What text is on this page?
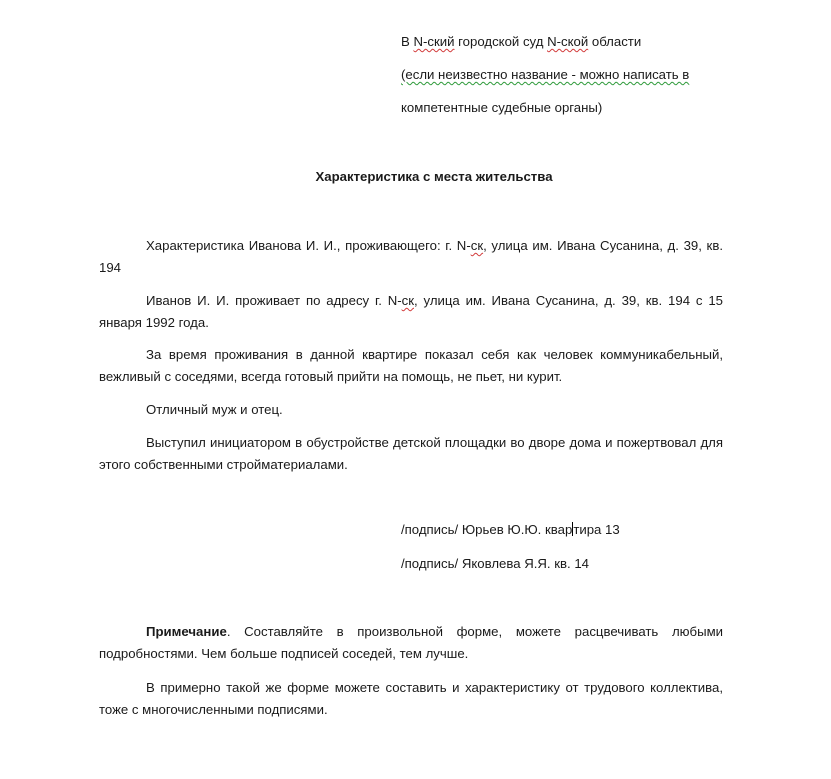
В N-ский городской суд N-ской области
(если неизвестно название - можно написать в
компетентные судебные органы)
Характеристика с места жительства
Характеристика Иванова И. И., проживающего: г. N-ск, улица им. Ивана Сусанина, д. 39, кв. 194
Иванов И. И. проживает по адресу г. N-ск, улица им. Ивана Сусанина, д. 39, кв. 194 с 15 января 1992 года.
За время проживания в данной квартире показал себя как человек коммуникабельный, вежливый с соседями, всегда готовый прийти на помощь, не пьет, ни курит.
Отличный муж и отец.
Выступил инициатором в обустройстве детской площадки во дворе дома и пожертвовал для этого собственными стройматериалами.
/подпись/ Юрьев Ю.Ю. квартира 13
/подпись/ Яковлева Я.Я. кв. 14
Примечание. Составляйте в произвольной форме, можете расцвечивать любыми подробностями. Чем больше подписей соседей, тем лучше.
В примерно такой же форме можете составить и характеристику от трудового коллектива, тоже с многочисленными подписями.
